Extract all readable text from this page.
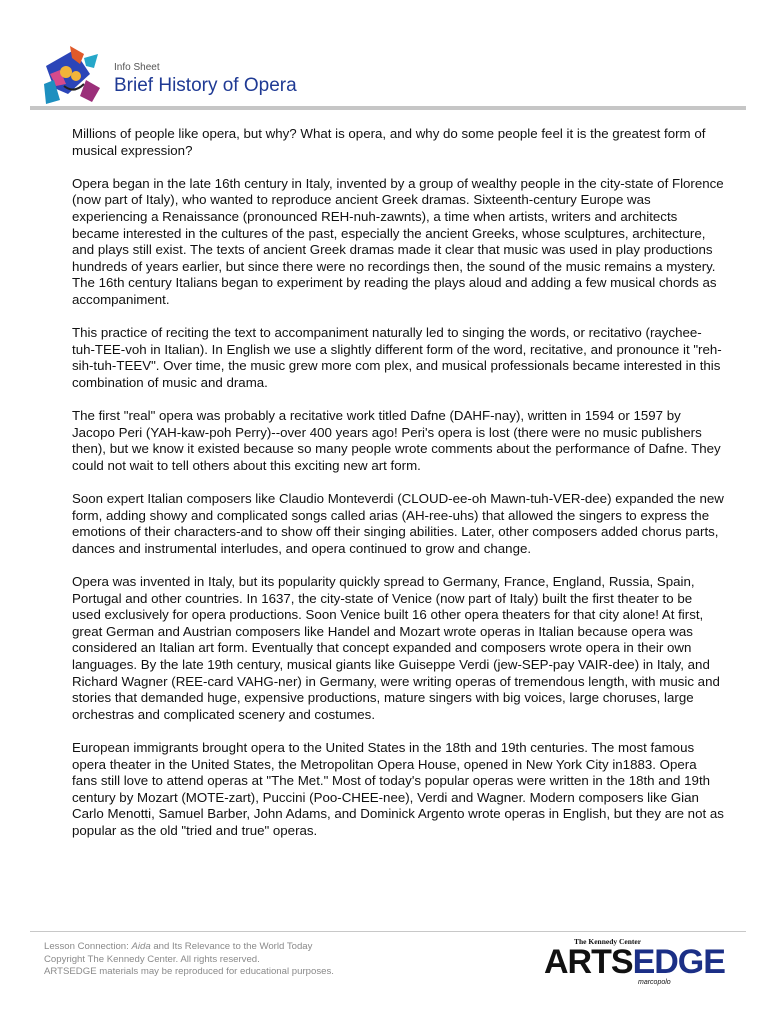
Info Sheet
Brief History of Opera

Millions of people like opera, but why? What is opera, and why do some people feel it is the greatest form of musical expression?

Opera began in the late 16th century in Italy, invented by a group of wealthy people in the city-state of Florence (now part of Italy), who wanted to reproduce ancient Greek dramas. Sixteenth-century Europe was experiencing a Renaissance (pronounced REH-nuh-zawnts), a time when artists, writers and architects became interested in the cultures of the past, especially the ancient Greeks, whose sculptures, architecture, and plays still exist. The texts of ancient Greek dramas made it clear that music was used in play productions hundreds of years earlier, but since there were no recordings then, the sound of the music remains a mystery. The 16th century Italians began to experiment by reading the plays aloud and adding a few musical chords as accompaniment.

This practice of reciting the text to accompaniment naturally led to singing the words, or recitativo (raychee-tuh-TEE-voh in Italian). In English we use a slightly different form of the word, recitative, and pronounce it "reh-sih-tuh-TEEV". Over time, the music grew more com plex, and musical professionals became interested in this combination of music and drama.

The first "real" opera was probably a recitative work titled Dafne (DAHF-nay), written in 1594 or 1597 by Jacopo Peri (YAH-kaw-poh Perry)--over 400 years ago! Peri's opera is lost (there were no music publishers then), but we know it existed because so many people wrote comments about the performance of Dafne. They could not wait to tell others about this exciting new art form.

Soon expert Italian composers like Claudio Monteverdi (CLOUD-ee-oh Mawn-tuh-VER-dee) expanded the new form, adding showy and complicated songs called arias (AH-ree-uhs) that allowed the singers to express the emotions of their characters-and to show off their singing abilities. Later, other composers added chorus parts, dances and instrumental interludes, and opera continued to grow and change.

Opera was invented in Italy, but its popularity quickly spread to Germany, France, England, Russia, Spain, Portugal and other countries. In 1637, the city-state of Venice (now part of Italy) built the first theater to be used exclusively for opera productions. Soon Venice built 16 other opera theaters for that city alone! At first, great German and Austrian composers like Handel and Mozart wrote operas in Italian because opera was considered an Italian art form. Eventually that concept expanded and composers wrote opera in their own languages. By the late 19th century, musical giants like Guiseppe Verdi (jew-SEP-pay VAIR-dee) in Italy, and Richard Wagner (REE-card VAHG-ner) in Germany, were writing operas of tremendous length, with music and stories that demanded huge, expensive productions, mature singers with big voices, large choruses, large orchestras and complicated scenery and costumes.

European immigrants brought opera to the United States in the 18th and 19th centuries. The most famous opera theater in the United States, the Metropolitan Opera House, opened in New York City in1883. Opera fans still love to attend operas at "The Met." Most of today's popular operas were written in the 18th and 19th century by Mozart (MOTE-zart), Puccini (Poo-CHEE-nee), Verdi and Wagner. Modern composers like Gian Carlo Menotti, Samuel Barber, John Adams, and Dominick Argento wrote operas in English, but they are not as popular as the old "tried and true" operas.

Lesson Connection: Aida and Its Relevance to the World Today
Copyright The Kennedy Center. All rights reserved.
ARTSEDGE materials may be reproduced for educational purposes.
The Kennedy Center
ARTSEDGE
marcopolo
